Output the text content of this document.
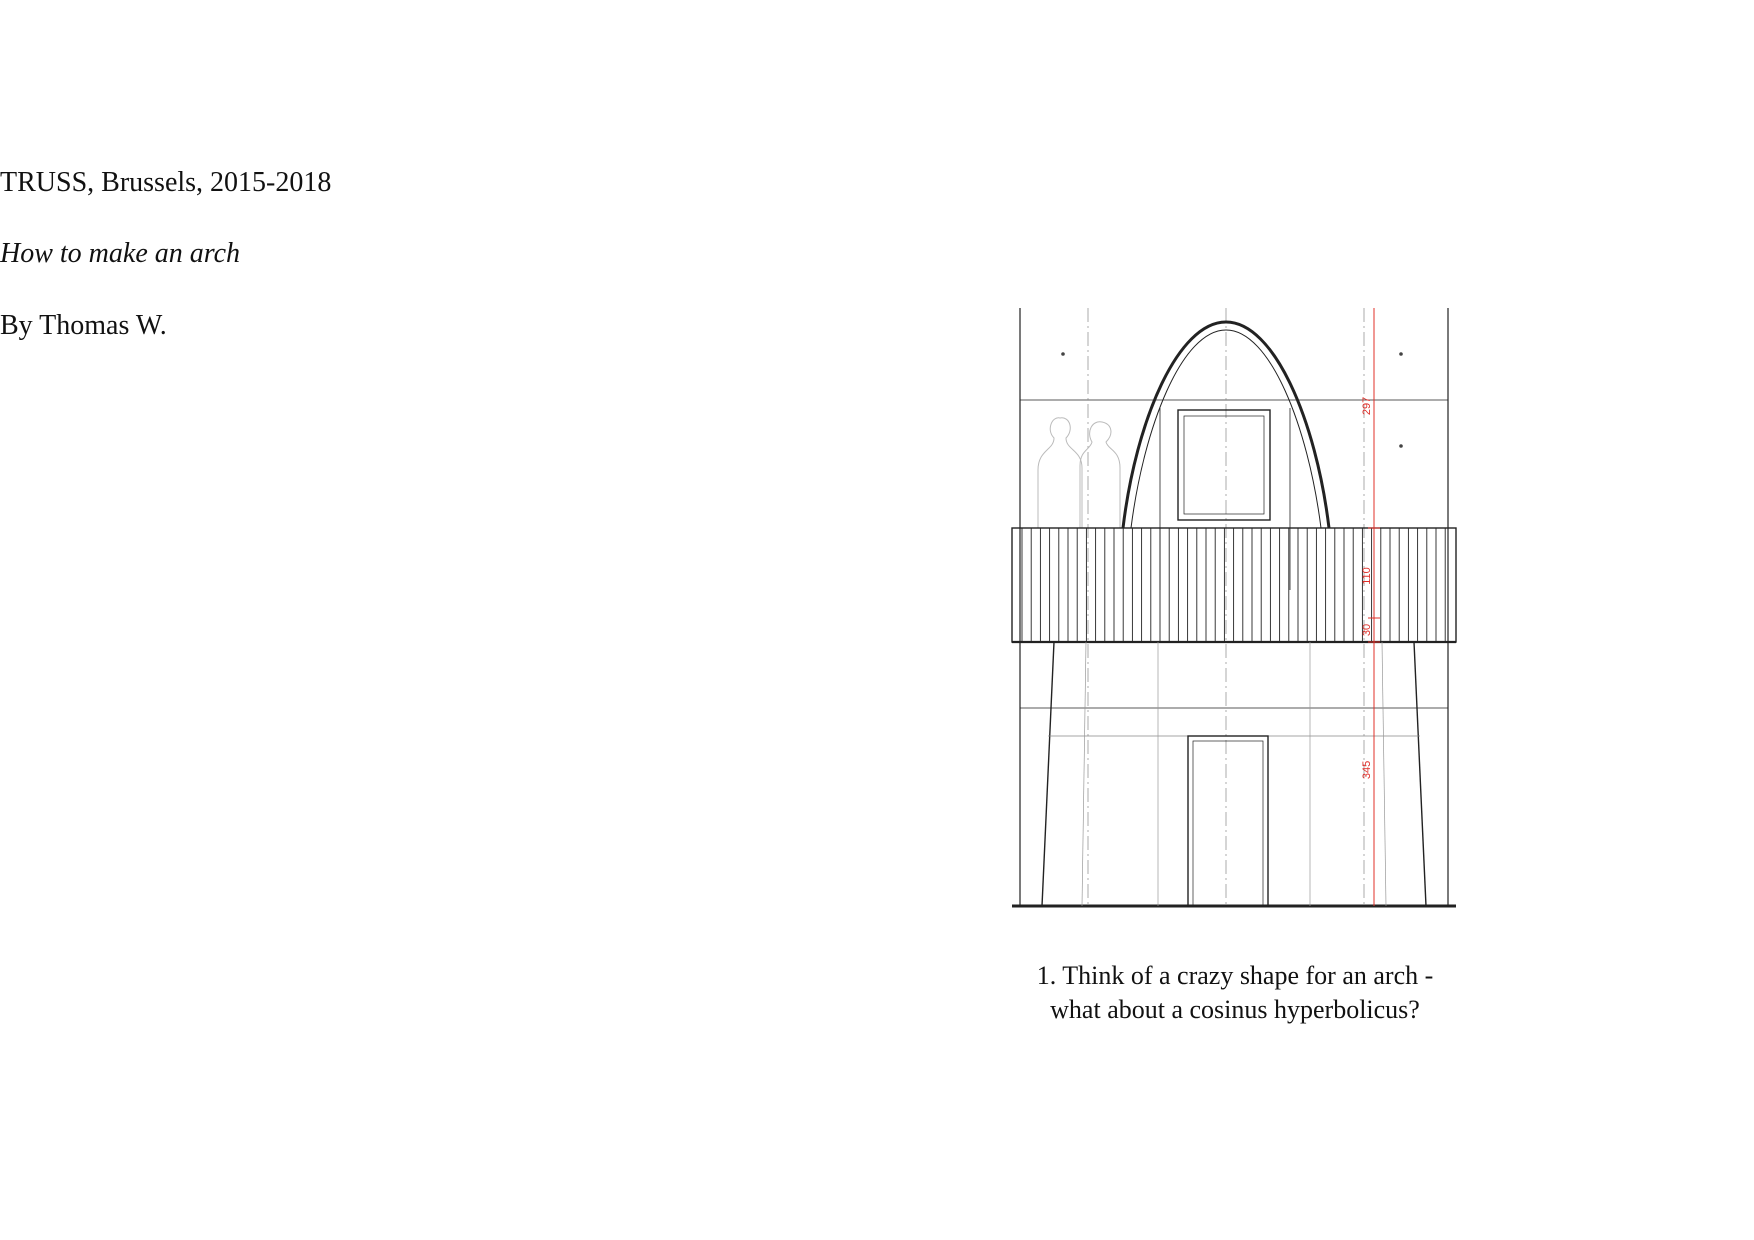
TRUSS, Brussels, 2015-2018
How to make an arch

By Thomas W.

297
110
30
345
1. Think of a crazy shape for an arch -
what about a cosinus hyperbolicus?
